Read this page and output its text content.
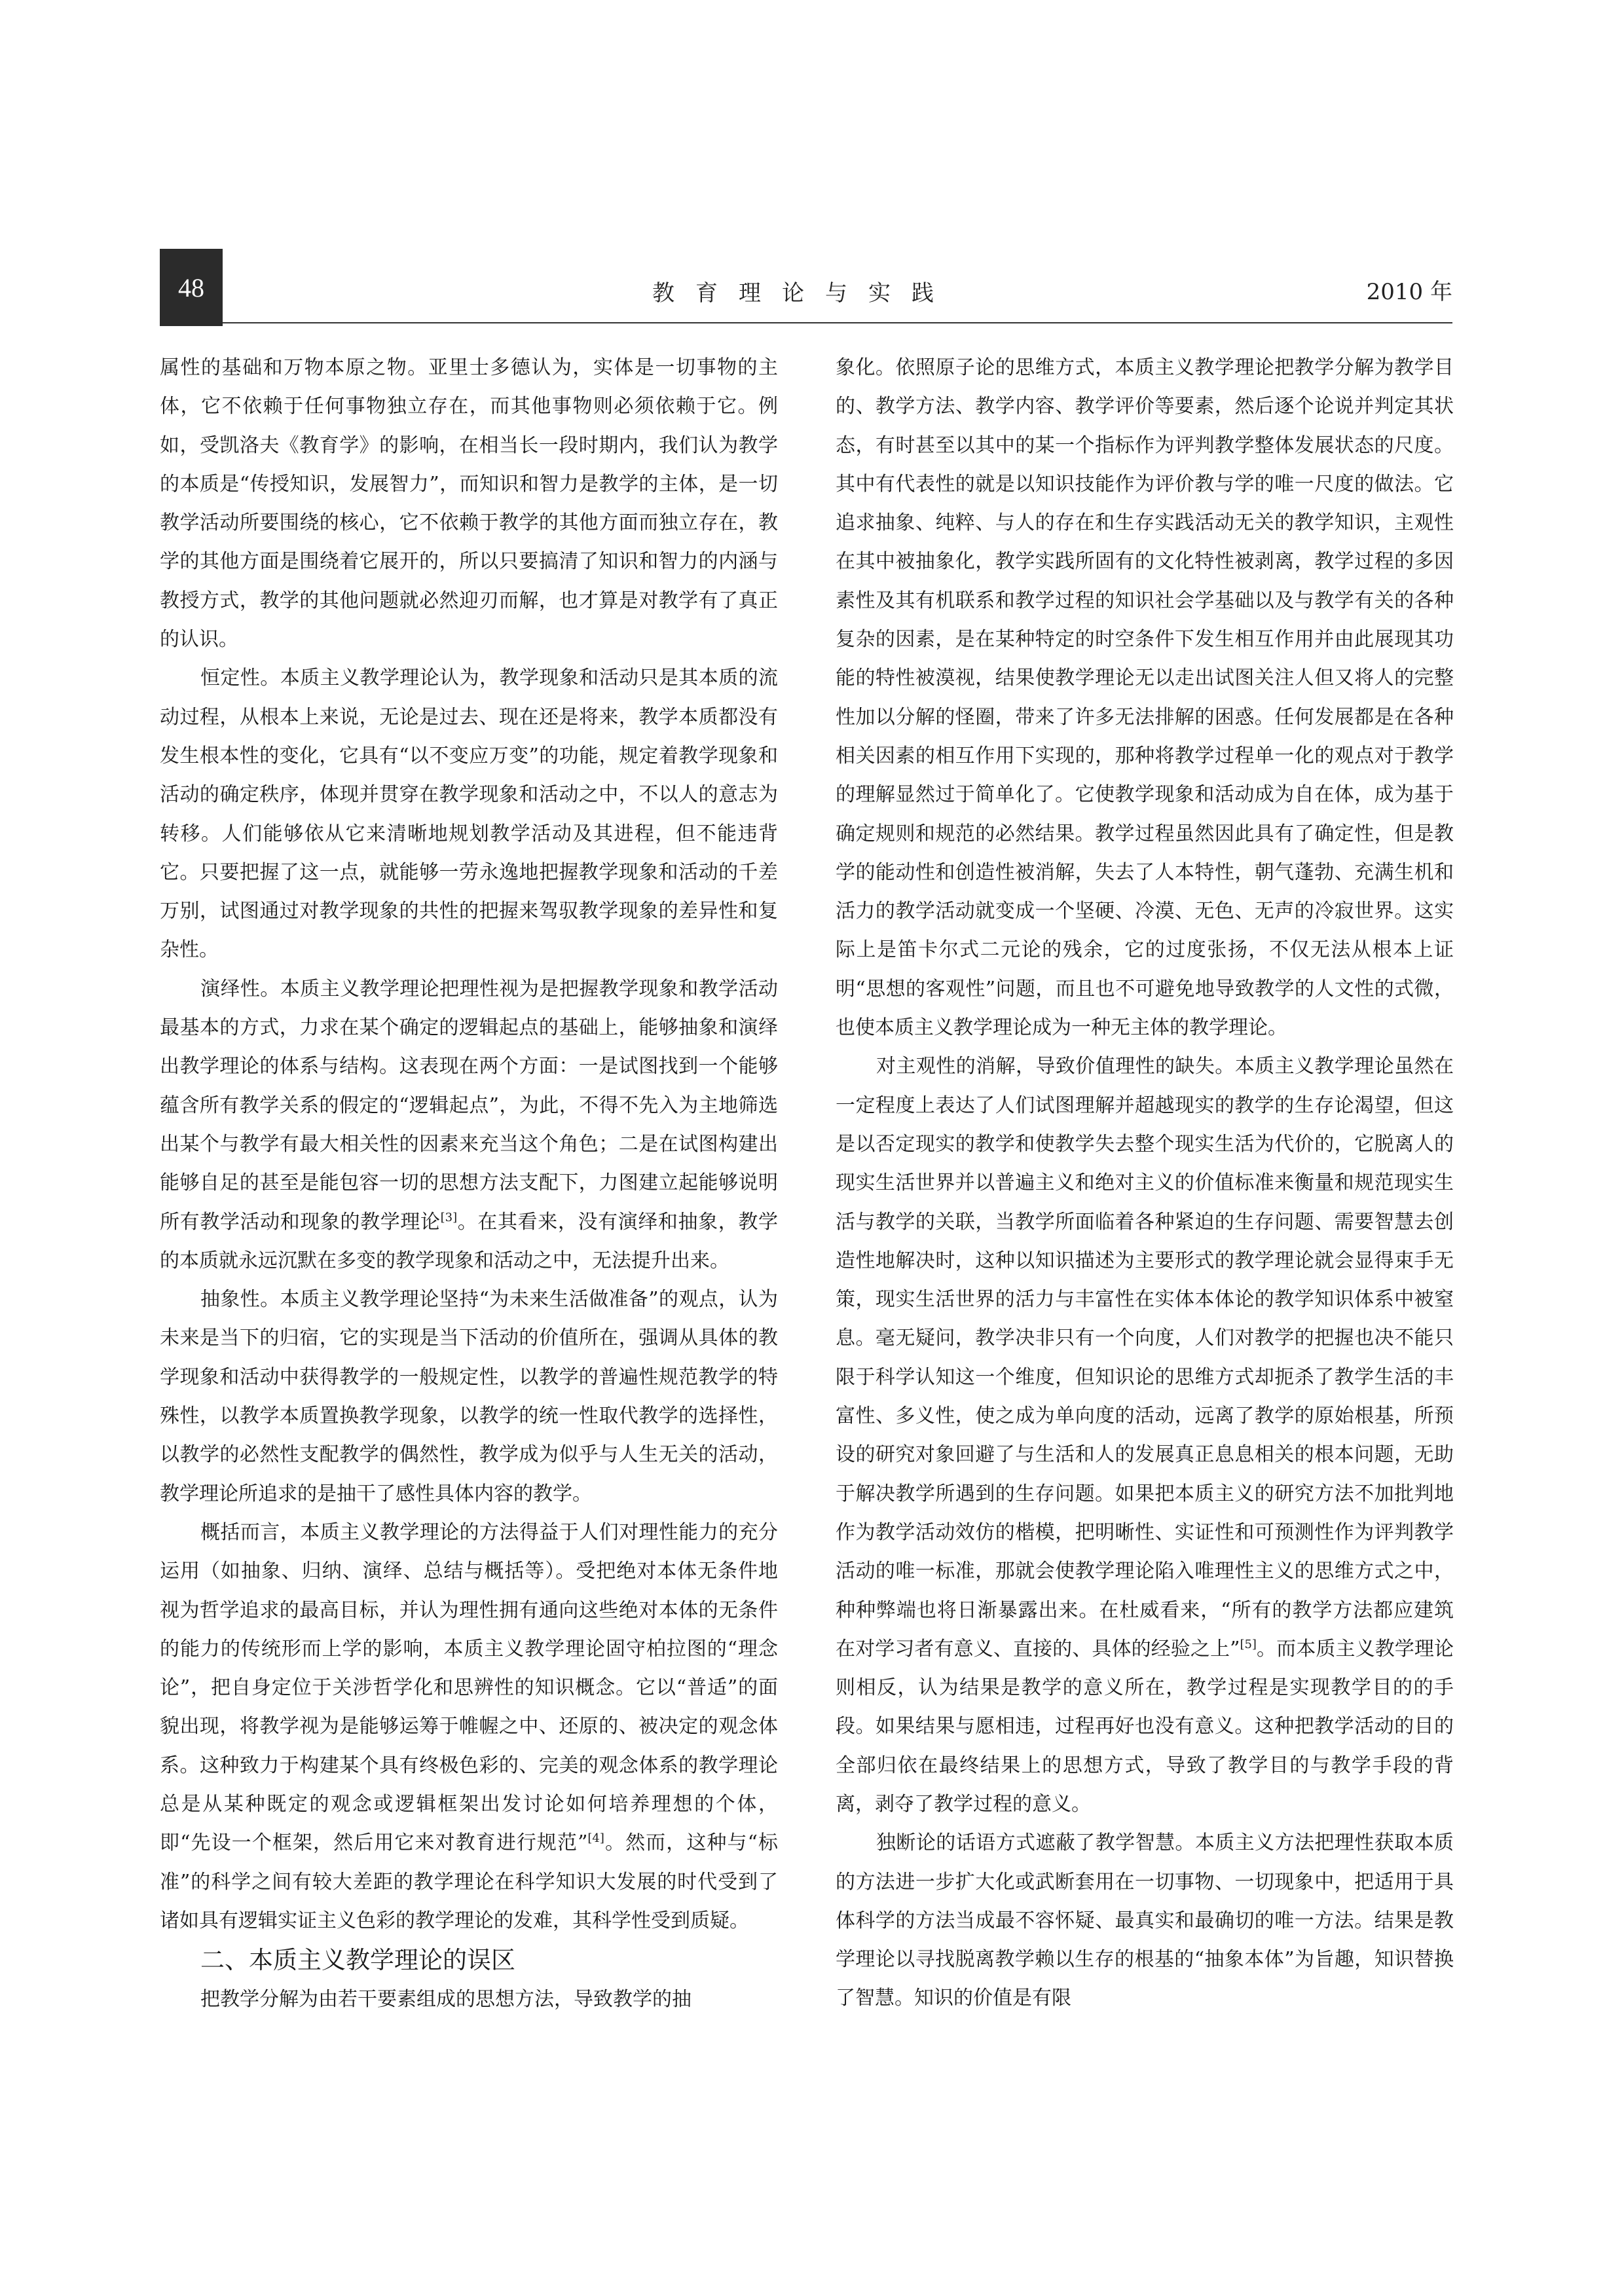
48	教育理论与实践	2010 年

属性的基础和万物本原之物。亚里士多德认为，实体是一切事物的主体，它不依赖于任何事物独立存在，而其他事物则必须依赖于它。例如，受凯洛夫《教育学》的影响，在相当长一段时期内，我们认为教学的本质是“传授知识，发展智力”，而知识和智力是教学的主体，是一切教学活动所要围绕的核心，它不依赖于教学的其他方面而独立存在，教学的其他方面是围绕着它展开的，所以只要搞清了知识和智力的内涵与教授方式，教学的其他问题就必然迎刃而解，也才算是对教学有了真正的认识。

恒定性。本质主义教学理论认为，教学现象和活动只是其本质的流动过程，从根本上来说，无论是过去、现在还是将来，教学本质都没有发生根本性的变化，它具有“以不变应万变”的功能，规定着教学现象和活动的确定秩序，体现并贯穿在教学现象和活动之中，不以人的意志为转移。人们能够依从它来清晰地规划教学活动及其进程，但不能违背它。只要把握了这一点，就能够一劳永逸地把握教学现象和活动的千差万别，试图通过对教学现象的共性的把握来驾驭教学现象的差异性和复杂性。

演绎性。本质主义教学理论把理性视为是把握教学现象和教学活动最基本的方式，力求在某个确定的逻辑起点的基础上，能够抽象和演绎出教学理论的体系与结构。这表现在两个方面：一是试图找到一个能够蕴含所有教学关系的假定的“逻辑起点”，为此，不得不先入为主地筛选出某个与教学有最大相关性的因素来充当这个角色；二是在试图构建出能够自足的甚至是能包容一切的思想方法支配下，力图建立起能够说明所有教学活动和现象的教学理论[3]。在其看来，没有演绎和抽象，教学的本质就永远沉默在多变的教学现象和活动之中，无法提升出来。

抽象性。本质主义教学理论坚持“为未来生活做准备”的观点，认为未来是当下的归宿，它的实现是当下活动的价值所在，强调从具体的教学现象和活动中获得教学的一般规定性，以教学的普遍性规范教学的特殊性，以教学本质置换教学现象，以教学的统一性取代教学的选择性，以教学的必然性支配教学的偶然性，教学成为似乎与人生无关的活动，教学理论所追求的是抽干了感性具体内容的教学。

概括而言，本质主义教学理论的方法得益于人们对理性能力的充分运用（如抽象、归纳、演绎、总结与概括等）。受把绝对本体无条件地视为哲学追求的最高目标，并认为理性拥有通向这些绝对本体的无条件的能力的传统形而上学的影响，本质主义教学理论固守柏拉图的“理念论”，把自身定位于关涉哲学化和思辨性的知识概念。它以“普适”的面貌出现，将教学视为是能够运筹于帷幄之中、还原的、被决定的观念体系。这种致力于构建某个具有终极色彩的、完美的观念体系的教学理论总是从某种既定的观念或逻辑框架出发讨论如何培养理想的个体，即“先设一个框架，然后用它来对教育进行规范”[4]。然而，这种与“标准”的科学之间有较大差距的教学理论在科学知识大发展的时代受到了诸如具有逻辑实证主义色彩的教学理论的发难，其科学性受到质疑。

二、本质主义教学理论的误区

把教学分解为由若干要素组成的思想方法，导致教学的抽

象化。依照原子论的思维方式，本质主义教学理论把教学分解为教学目的、教学方法、教学内容、教学评价等要素，然后逐个论说并判定其状态，有时甚至以其中的某一个指标作为评判教学整体发展状态的尺度。其中有代表性的就是以知识技能作为评价教与学的唯一尺度的做法。它追求抽象、纯粹、与人的存在和生存实践活动无关的教学知识，主观性在其中被抽象化，教学实践所固有的文化特性被剥离，教学过程的多因素性及其有机联系和教学过程的知识社会学基础以及与教学有关的各种复杂的因素，是在某种特定的时空条件下发生相互作用并由此展现其功能的特性被漠视，结果使教学理论无以走出试图关注人但又将人的完整性加以分解的怪圈，带来了许多无法排解的困惑。任何发展都是在各种相关因素的相互作用下实现的，那种将教学过程单一化的观点对于教学的理解显然过于简单化了。它使教学现象和活动成为自在体，成为基于确定规则和规范的必然结果。教学过程虽然因此具有了确定性，但是教学的能动性和创造性被消解，失去了人本特性，朝气蓬勃、充满生机和活力的教学活动就变成一个坚硬、冷漠、无色、无声的冷寂世界。这实际上是笛卡尔式二元论的残余，它的过度张扬，不仅无法从根本上证明“思想的客观性”问题，而且也不可避免地导致教学的人文性的式微，也使本质主义教学理论成为一种无主体的教学理论。

对主观性的消解，导致价值理性的缺失。本质主义教学理论虽然在一定程度上表达了人们试图理解并超越现实的教学的生存论渴望，但这是以否定现实的教学和使教学失去整个现实生活为代价的，它脱离人的现实生活世界并以普遍主义和绝对主义的价值标准来衡量和规范现实生活与教学的关联，当教学所面临着各种紧迫的生存问题、需要智慧去创造性地解决时，这种以知识描述为主要形式的教学理论就会显得束手无策，现实生活世界的活力与丰富性在实体本体论的教学知识体系中被窒息。毫无疑问，教学决非只有一个向度，人们对教学的把握也决不能只限于科学认知这一个维度，但知识论的思维方式却扼杀了教学生活的丰富性、多义性，使之成为单向度的活动，远离了教学的原始根基，所预设的研究对象回避了与生活和人的发展真正息息相关的根本问题，无助于解决教学所遇到的生存问题。如果把本质主义的研究方法不加批判地作为教学活动效仿的楷模，把明晰性、实证性和可预测性作为评判教学活动的唯一标准，那就会使教学理论陷入唯理性主义的思维方式之中，种种弊端也将日渐暴露出来。在杜威看来，“所有的教学方法都应建筑在对学习者有意义、直接的、具体的经验之上”[5]。而本质主义教学理论则相反，认为结果是教学的意义所在，教学过程是实现教学目的的手段。如果结果与愿相违，过程再好也没有意义。这种把教学活动的目的全部归依在最终结果上的思想方式，导致了教学目的与教学手段的背离，剥夺了教学过程的意义。

独断论的话语方式遮蔽了教学智慧。本质主义方法把理性获取本质的方法进一步扩大化或武断套用在一切事物、一切现象中，把适用于具体科学的方法当成最不容怀疑、最真实和最确切的唯一方法。结果是教学理论以寻找脱离教学赖以生存的根基的“抽象本体”为旨趣，知识替换了智慧。知识的价值是有限
